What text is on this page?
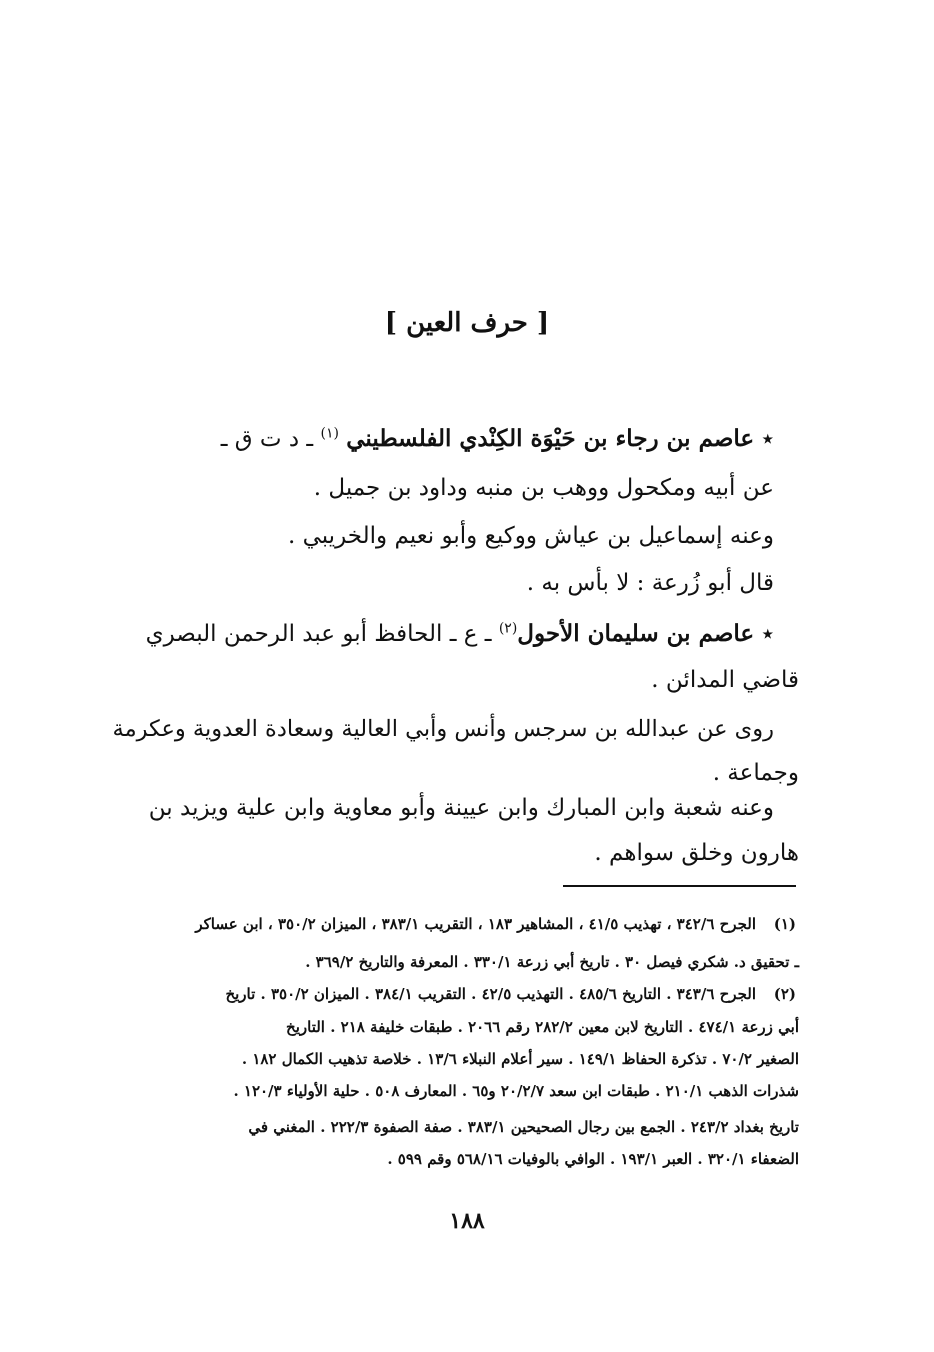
[ حرف العين ]
٭ عاصم بن رجاء بن حَيْوَة الكِنْدي الفلسطيني $^{(١)}$ ـ د ت ق ـ
عن أبيه ومكحول ووهب بن منبه وداود بن جميل .
وعنه إسماعيل بن عياش ووكيع وأبو نعيم والخريبي .
قال أبو زُرعة : لا بأس به .
٭ عاصم بن سليمان الأحول$^{(٢)}$ ـ ع ـ الحافظ أبو عبد الرحمن البصري
قاضي المدائن .
روى عن عبدالله بن سرجس وأنس وأبي العالية وسعادة العدوية وعكرمة
وجماعة .
وعنه شعبة وابن المبارك وابن عيينة وأبو معاوية وابن علية ويزيد بن
هارون وخلق سواهم .
(١)
الجرح ٣٤٢/٦ ، تهذيب ٤١/٥ ، المشاهير ١٨٣ ، التقريب ٣٨٣/١ ، الميزان ٣٥٠/٢ ، ابن عساكر
ـ تحقيق د. شكري فيصل ٣٠ . تاريخ أبي زرعة ٣٣٠/١ . المعرفة والتاريخ ٣٦٩/٢ .
(٢)
الجرح ٣٤٣/٦ . التاريخ ٤٨٥/٦ . التهذيب ٤٢/٥ . التقريب ٣٨٤/١ . الميزان ٣٥٠/٢ . تاريخ
أبي زرعة ٤٧٤/١ . التاريخ لابن معين ٢٨٢/٢ رقم ٢٠٦٦ . طبقات خليفة ٢١٨ . التاريخ
الصغير ٧٠/٢ . تذكرة الحفاظ ١٤٩/١ . سير أعلام النبلاء ١٣/٦ . خلاصة تذهيب الكمال ١٨٢ .
شذرات الذهب ٢١٠/١ . طبقات ابن سعد ٢٠/٢/٧ و٦٥ . المعارف ٥٠٨ . حلية الأولياء ١٢٠/٣ .
تاريخ بغداد ٢٤٣/٢ . الجمع بين رجال الصحيحين ٣٨٣/١ . صفة الصفوة ٢٢٢/٣ . المغني في
الضعفاء ٣٢٠/١ . العبر ١٩٣/١ . الوافي بالوفيات ٥٦٨/١٦ وقم ٥٩٩ .
١٨٨
